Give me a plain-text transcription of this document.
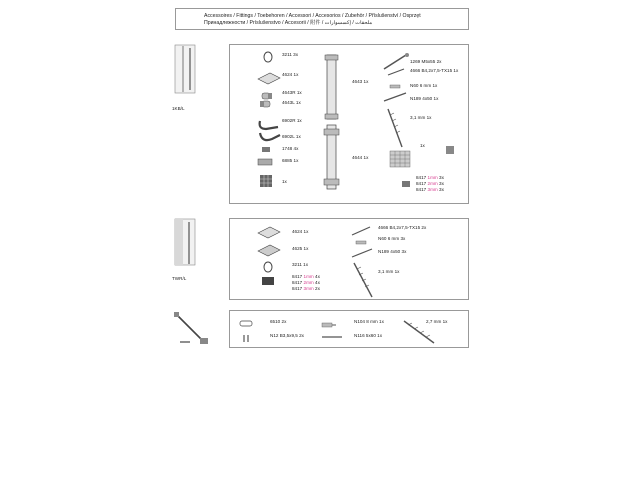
Accessoires / Fittings / Toebehoren / Accessori / Accesorios / Zubehör / Příslušenství / Osprzęt
Принадлежности / Príslušenstvo / Accesorii / 附件 / ملحقات / إكسسوارات
1KB/L
3211 3x
4624 1x
4643R 1x
4643L 1x
6902R 1x
6902L 1x
1748 4x
6885 1x
1x
4643 1x
4644 1x
1269 M5x55 2x
4666 B4,2x7,5-TX15 1x
N60 6 mm 1x
N189 4x50 1x
3,1 mm 1x
1x
8417 1mm 3x
8417 2mm 3x
8417 3mm 3x
TWR/L
4624 1x
4625 1x
3211 1x
8417 1mm 4x
8417 2mm 4x
8417 3mm 2x
4666 B4,2x7,5-TX15 2x
N60 6 mm 3x
N189 4x50 3x
3,1 mm 1x
6510 2x
N12 B3,5x9,5 2x
N104 8 mm 1x
N116 5x60 1x
2,7 mm 1x
